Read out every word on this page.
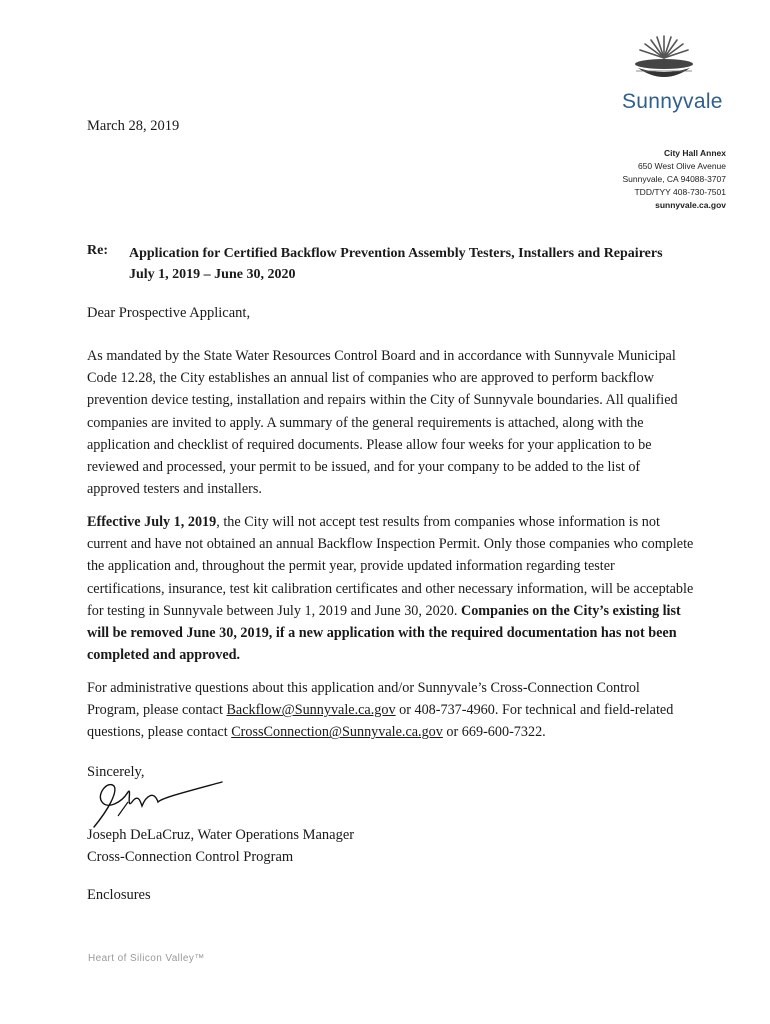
Sunnyvale
City Hall Annex
650 West Olive Avenue
Sunnyvale, CA 94088-3707
TDD/TYY 408-730-7501
sunnyvale.ca.gov
March 28, 2019
Re: Application for Certified Backflow Prevention Assembly Testers, Installers and Repairers
July 1, 2019 – June 30, 2020
Dear Prospective Applicant,
As mandated by the State Water Resources Control Board and in accordance with Sunnyvale Municipal Code 12.28, the City establishes an annual list of companies who are approved to perform backflow prevention device testing, installation and repairs within the City of Sunnyvale boundaries. All qualified companies are invited to apply. A summary of the general requirements is attached, along with the application and checklist of required documents. Please allow four weeks for your application to be reviewed and processed, your permit to be issued, and for your company to be added to the list of approved testers and installers.
Effective July 1, 2019, the City will not accept test results from companies whose information is not current and have not obtained an annual Backflow Inspection Permit. Only those companies who complete the application and, throughout the permit year, provide updated information regarding tester certifications, insurance, test kit calibration certificates and other necessary information, will be acceptable for testing in Sunnyvale between July 1, 2019 and June 30, 2020. Companies on the City’s existing list will be removed June 30, 2019, if a new application with the required documentation has not been completed and approved.
For administrative questions about this application and/or Sunnyvale’s Cross-Connection Control Program, please contact Backflow@Sunnyvale.ca.gov or 408-737-4960. For technical and field-related questions, please contact CrossConnection@Sunnyvale.ca.gov or 669-600-7322.
Sincerely,
Joseph DeLaCruz, Water Operations Manager
Cross-Connection Control Program
Enclosures
Heart of Silicon Valley™
